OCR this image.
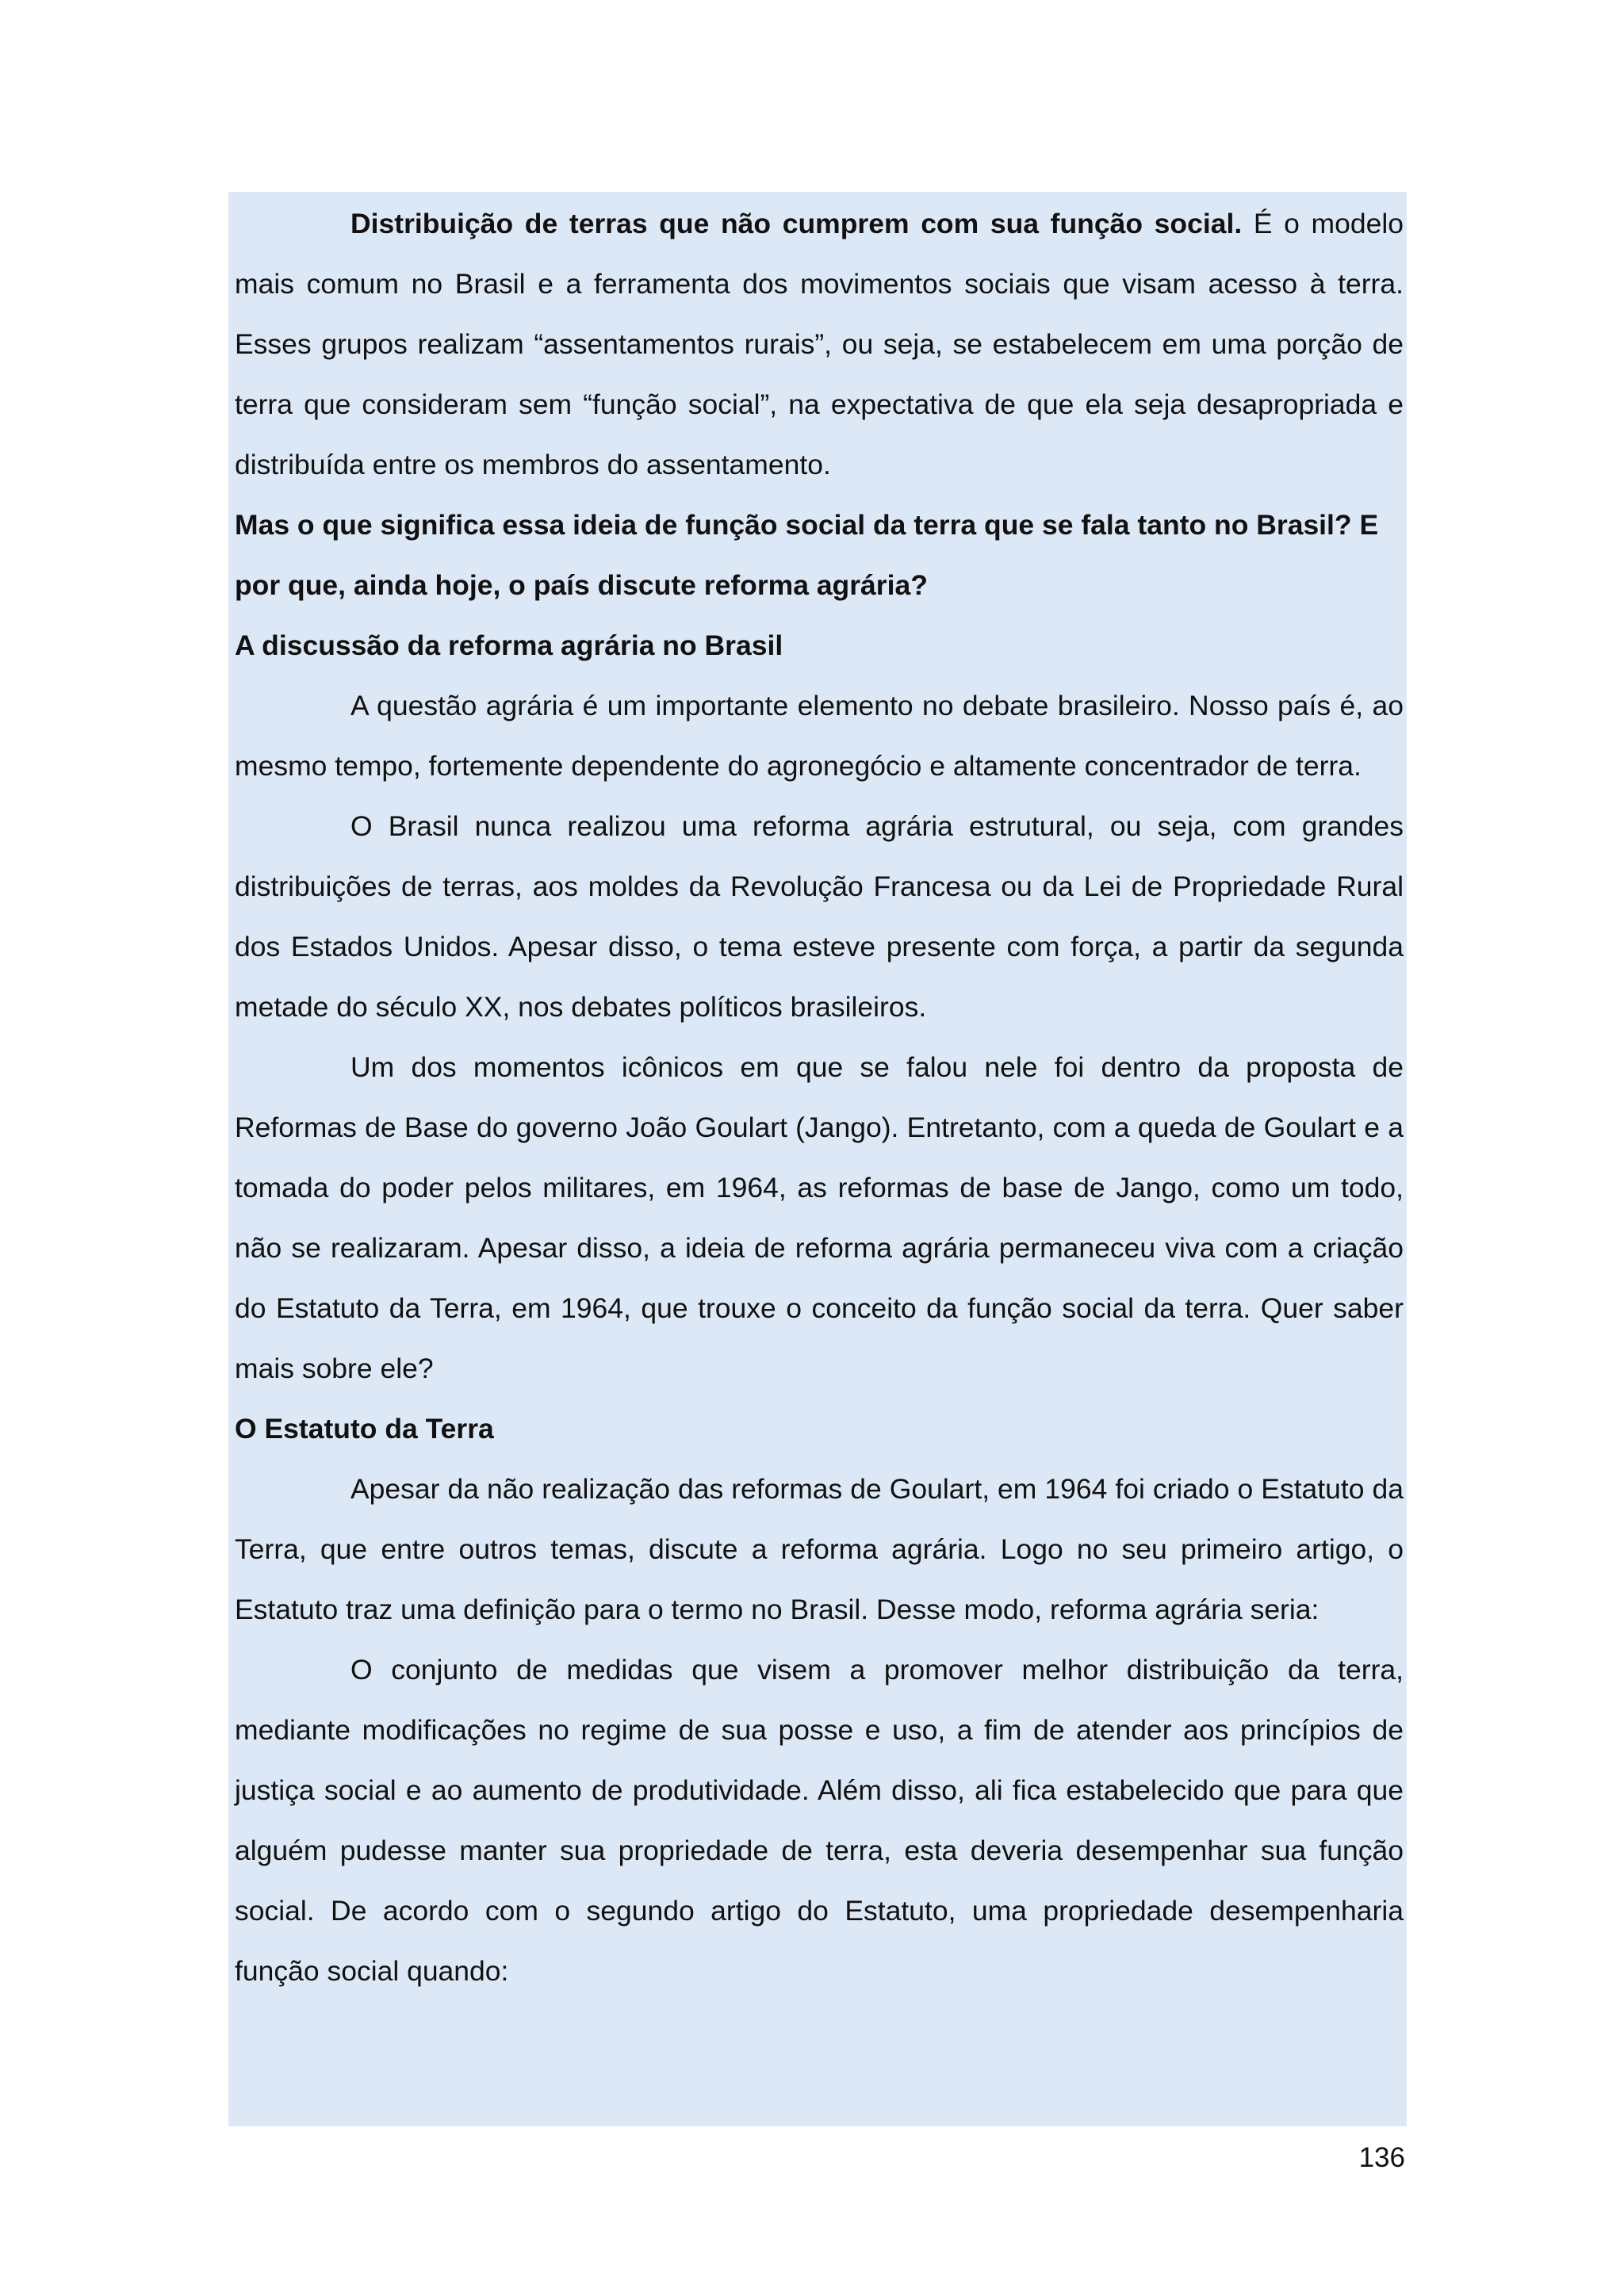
Distribuição de terras que não cumprem com sua função social. É o modelo mais comum no Brasil e a ferramenta dos movimentos sociais que visam acesso à terra. Esses grupos realizam “assentamentos rurais”, ou seja, se estabelecem em uma porção de terra que consideram sem “função social”, na expectativa de que ela seja desapropriada e distribuída entre os membros do assentamento.

Mas o que significa essa ideia de função social da terra que se fala tanto no Brasil? E por que, ainda hoje, o país discute reforma agrária?

A discussão da reforma agrária no Brasil

A questão agrária é um importante elemento no debate brasileiro. Nosso país é, ao mesmo tempo, fortemente dependente do agronegócio e altamente concentrador de terra.

O Brasil nunca realizou uma reforma agrária estrutural, ou seja, com grandes distribuições de terras, aos moldes da Revolução Francesa ou da Lei de Propriedade Rural dos Estados Unidos. Apesar disso, o tema esteve presente com força, a partir da segunda metade do século XX, nos debates políticos brasileiros.

Um dos momentos icônicos em que se falou nele foi dentro da proposta de Reformas de Base do governo João Goulart (Jango). Entretanto, com a queda de Goulart e a tomada do poder pelos militares, em 1964, as reformas de base de Jango, como um todo, não se realizaram. Apesar disso, a ideia de reforma agrária permaneceu viva com a criação do Estatuto da Terra, em 1964, que trouxe o conceito da função social da terra. Quer saber mais sobre ele?

O Estatuto da Terra

Apesar da não realização das reformas de Goulart, em 1964 foi criado o Estatuto da Terra, que entre outros temas, discute a reforma agrária. Logo no seu primeiro artigo, o Estatuto traz uma definição para o termo no Brasil. Desse modo, reforma agrária seria:

O conjunto de medidas que visem a promover melhor distribuição da terra, mediante modificações no regime de sua posse e uso, a fim de atender aos princípios de justiça social e ao aumento de produtividade. Além disso, ali fica estabelecido que para que alguém pudesse manter sua propriedade de terra, esta deveria desempenhar sua função social. De acordo com o segundo artigo do Estatuto, uma propriedade desempenharia função social quando:

136
